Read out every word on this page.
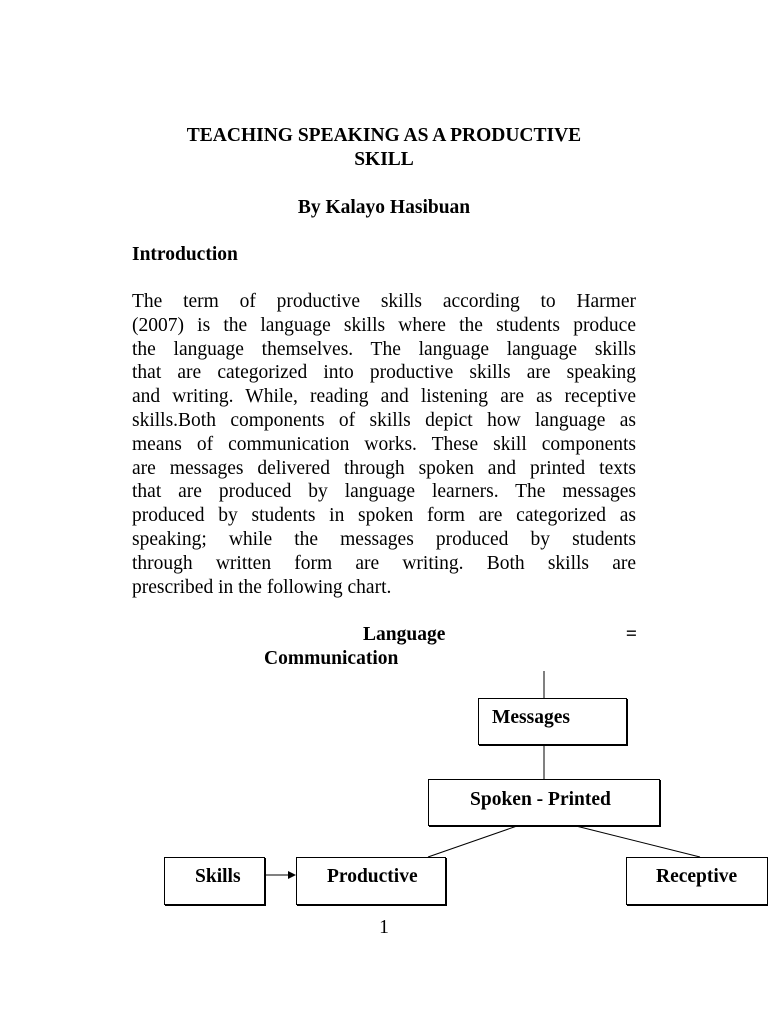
TEACHING SPEAKING AS A PRODUCTIVE
SKILL

By Kalayo Hasibuan

Introduction
The term of productive skills according to Harmer
(2007) is the language skills where the students produce
the language themselves. The language language skills
that are categorized into productive skills are speaking
and writing. While, reading and listening are as receptive
skills.Both components of skills depict how language as
means of communication works. These skill components
are messages delivered through spoken and printed texts
that are produced by language learners. The messages
produced by students in spoken form are categorized as
speaking; while the messages produced by students
through written form are writing. Both skills are
prescribed in the following chart.
Language	=
Communication
Messages
Spoken - Printed
Skills	Productive	Receptive
1
